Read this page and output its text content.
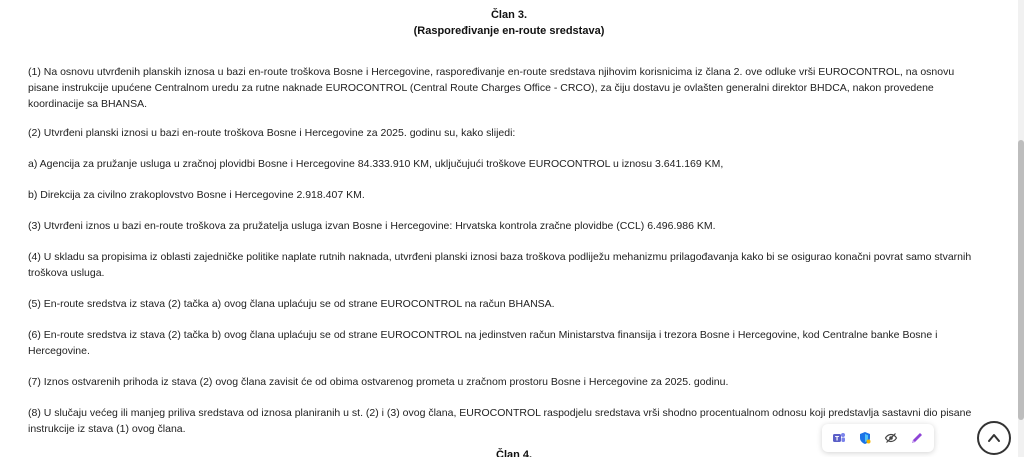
Član 3.
(Raspoređivanje en-route sredstava)

(1) Na osnovu utvrđenih planskih iznosa u bazi en-route troškova Bosne i Hercegovine, raspoređivanje en-route sredstava njihovim korisnicima iz člana 2. ove odluke vrši EUROCONTROL, na osnovu pisane instrukcije upućene Centralnom uredu za rutne naknade EUROCONTROL (Central Route Charges Office - CRCO), za čiju dostavu je ovlašten generalni direktor BHDCA, nakon provedene koordinacije sa BHANSA.

(2) Utvrđeni planski iznosi u bazi en-route troškova Bosne i Hercegovine za 2025. godinu su, kako slijedi:

a) Agencija za pružanje usluga u zračnoj plovidbi Bosne i Hercegovine 84.333.910 KM, uključujući troškove EUROCONTROL u iznosu 3.641.169 KM,

b) Direkcija za civilno zrakoplovstvo Bosne i Hercegovine 2.918.407 KM.

(3) Utvrđeni iznos u bazi en-route troškova za pružatelja usluga izvan Bosne i Hercegovine: Hrvatska kontrola zračne plovidbe (CCL) 6.496.986 KM.

(4) U skladu sa propisima iz oblasti zajedničke politike naplate rutnih naknada, utvrđeni planski iznosi baza troškova podliježu mehanizmu prilagođavanja kako bi se osigurao konačni povrat samo stvarnih troškova usluga.

(5) En-route sredstva iz stava (2) tačka a) ovog člana uplaćuju se od strane EUROCONTROL na račun BHANSA.

(6) En-route sredstva iz stava (2) tačka b) ovog člana uplaćuju se od strane EUROCONTROL na jedinstven račun Ministarstva finansija i trezora Bosne i Hercegovine, kod Centralne banke Bosne i Hercegovine.

(7) Iznos ostvarenih prihoda iz stava (2) ovog člana zavisit će od obima ostvarenog prometa u zračnom prostoru Bosne i Hercegovine za 2025. godinu.

(8) U slučaju većeg ili manjeg priliva sredstava od iznosa planiranih u st. (2) i (3) ovog člana, EUROCONTROL raspodjelu sredstava vrši shodno procentualnom odnosu koji predstavlja sastavni dio pisane instrukcije iz stava (1) ovog člana.

Član 4.
T
